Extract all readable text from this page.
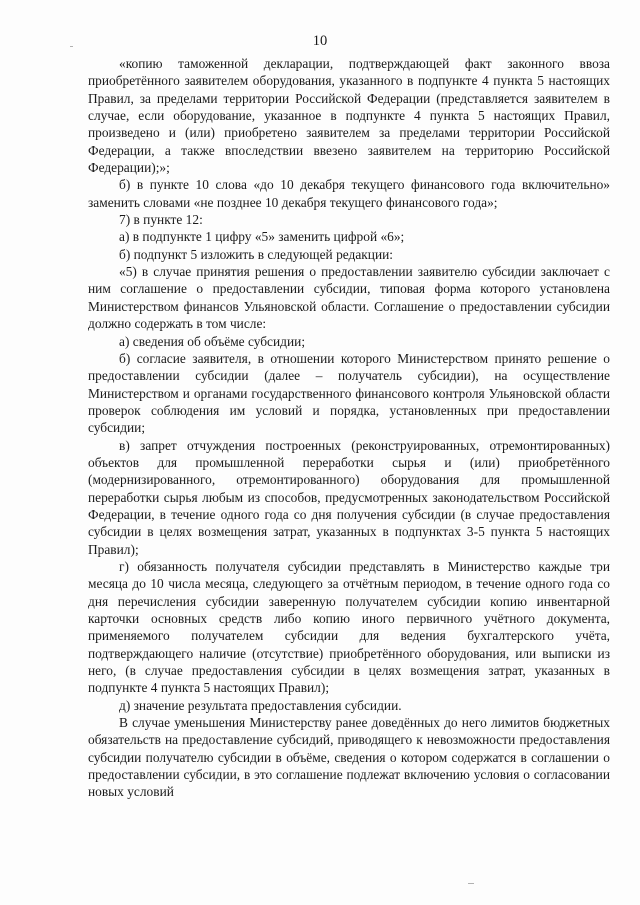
10

«копию таможенной декларации, подтверждающей факт законного ввоза приобретённого заявителем оборудования, указанного в подпункте 4 пункта 5 настоящих Правил, за пределами территории Российской Федерации (представляется заявителем в случае, если оборудование, указанное в подпункте 4 пункта 5 настоящих Правил, произведено и (или) приобретено заявителем за пределами территории Российской Федерации, а также впоследствии ввезено заявителем на территорию Российской Федерации);»;

б) в пункте 10 слова «до 10 декабря текущего финансового года включительно» заменить словами «не позднее 10 декабря текущего финансового года»;

7) в пункте 12:

а) в подпункте 1 цифру «5» заменить цифрой «6»;

б) подпункт 5 изложить в следующей редакции:

«5) в случае принятия решения о предоставлении заявителю субсидии заключает с ним соглашение о предоставлении субсидии, типовая форма которого установлена Министерством финансов Ульяновской области. Соглашение о предоставлении субсидии должно содержать в том числе:

а) сведения об объёме субсидии;

б) согласие заявителя, в отношении которого Министерством принято решение о предоставлении субсидии (далее – получатель субсидии), на осуществление Министерством и органами государственного финансового контроля Ульяновской области проверок соблюдения им условий и порядка, установленных при предоставлении субсидии;

в) запрет отчуждения построенных (реконструированных, отремонтированных) объектов для промышленной переработки сырья и (или) приобретённого (модернизированного, отремонтированного) оборудования для промышленной переработки сырья любым из способов, предусмотренных законодательством Российской Федерации, в течение одного года со дня получения субсидии (в случае предоставления субсидии в целях возмещения затрат, указанных в подпунктах 3-5 пункта 5 настоящих Правил);

г) обязанность получателя субсидии представлять в Министерство каждые три месяца до 10 числа месяца, следующего за отчётным периодом, в течение одного года со дня перечисления субсидии заверенную получателем субсидии копию инвентарной карточки основных средств либо копию иного первичного учётного документа, применяемого получателем субсидии для ведения бухгалтерского учёта, подтверждающего наличие (отсутствие) приобретённого оборудования, или выписки из него, (в случае предоставления субсидии в целях возмещения затрат, указанных в подпункте 4 пункта 5 настоящих Правил);

д) значение результата предоставления субсидии.

В случае уменьшения Министерству ранее доведённых до него лимитов бюджетных обязательств на предоставление субсидий, приводящего к невозможности предоставления субсидии получателю субсидии в объёме, сведения о котором содержатся в соглашении о предоставлении субсидии, в это соглашение подлежат включению условия о согласовании новых условий
